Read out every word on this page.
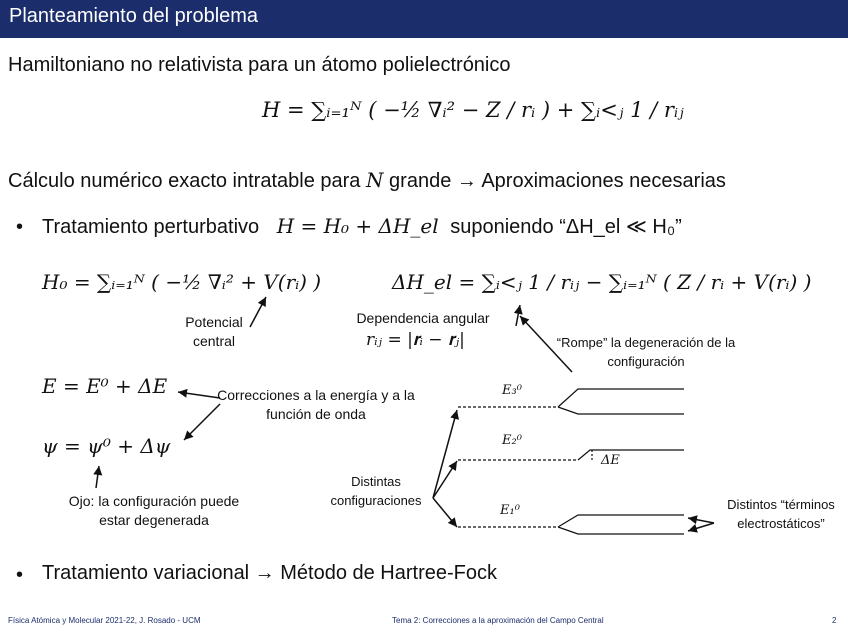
Planteamiento del problema
Hamiltoniano no relativista para un átomo polielectrónico
H = ∑ᵢ₌₁ᴺ ( −½ ∇ᵢ² − Z / rᵢ ) + ∑ᵢ<ⱼ 1 / rᵢⱼ
Cálculo numérico exacto intratable para N grande → Aproximaciones necesarias
• Tratamiento perturbativo H = H₀ + ΔH_el suponiendo “ΔH_el ≪ H₀”
H₀ = ∑ᵢ₌₁ᴺ ( −½ ∇ᵢ² + V(rᵢ) )	ΔH_el = ∑ᵢ<ⱼ 1 / rᵢⱼ − ∑ᵢ₌₁ᴺ ( Z / rᵢ + V(rᵢ) )
Potencial central
Dependencia angular
rᵢⱼ = |𝐫ᵢ − 𝐫ⱼ|	“Rompe” la degeneración de la configuración
E = E⁰ + ΔE
ψ = ψ⁰ + Δψ
Correcciones a la energía y a la función de onda
Ojo: la configuración puede estar degenerada
Distintas configuraciones	Distintos “términos electrostáticos”
E₃⁰
E₂⁰
E₁⁰
ΔE
• Tratamiento variacional → Método de Hartree-Fock
Física Atómica y Molecular 2021-22, J. Rosado - UCM	Tema 2: Correcciones a la aproximación del Campo Central	2
